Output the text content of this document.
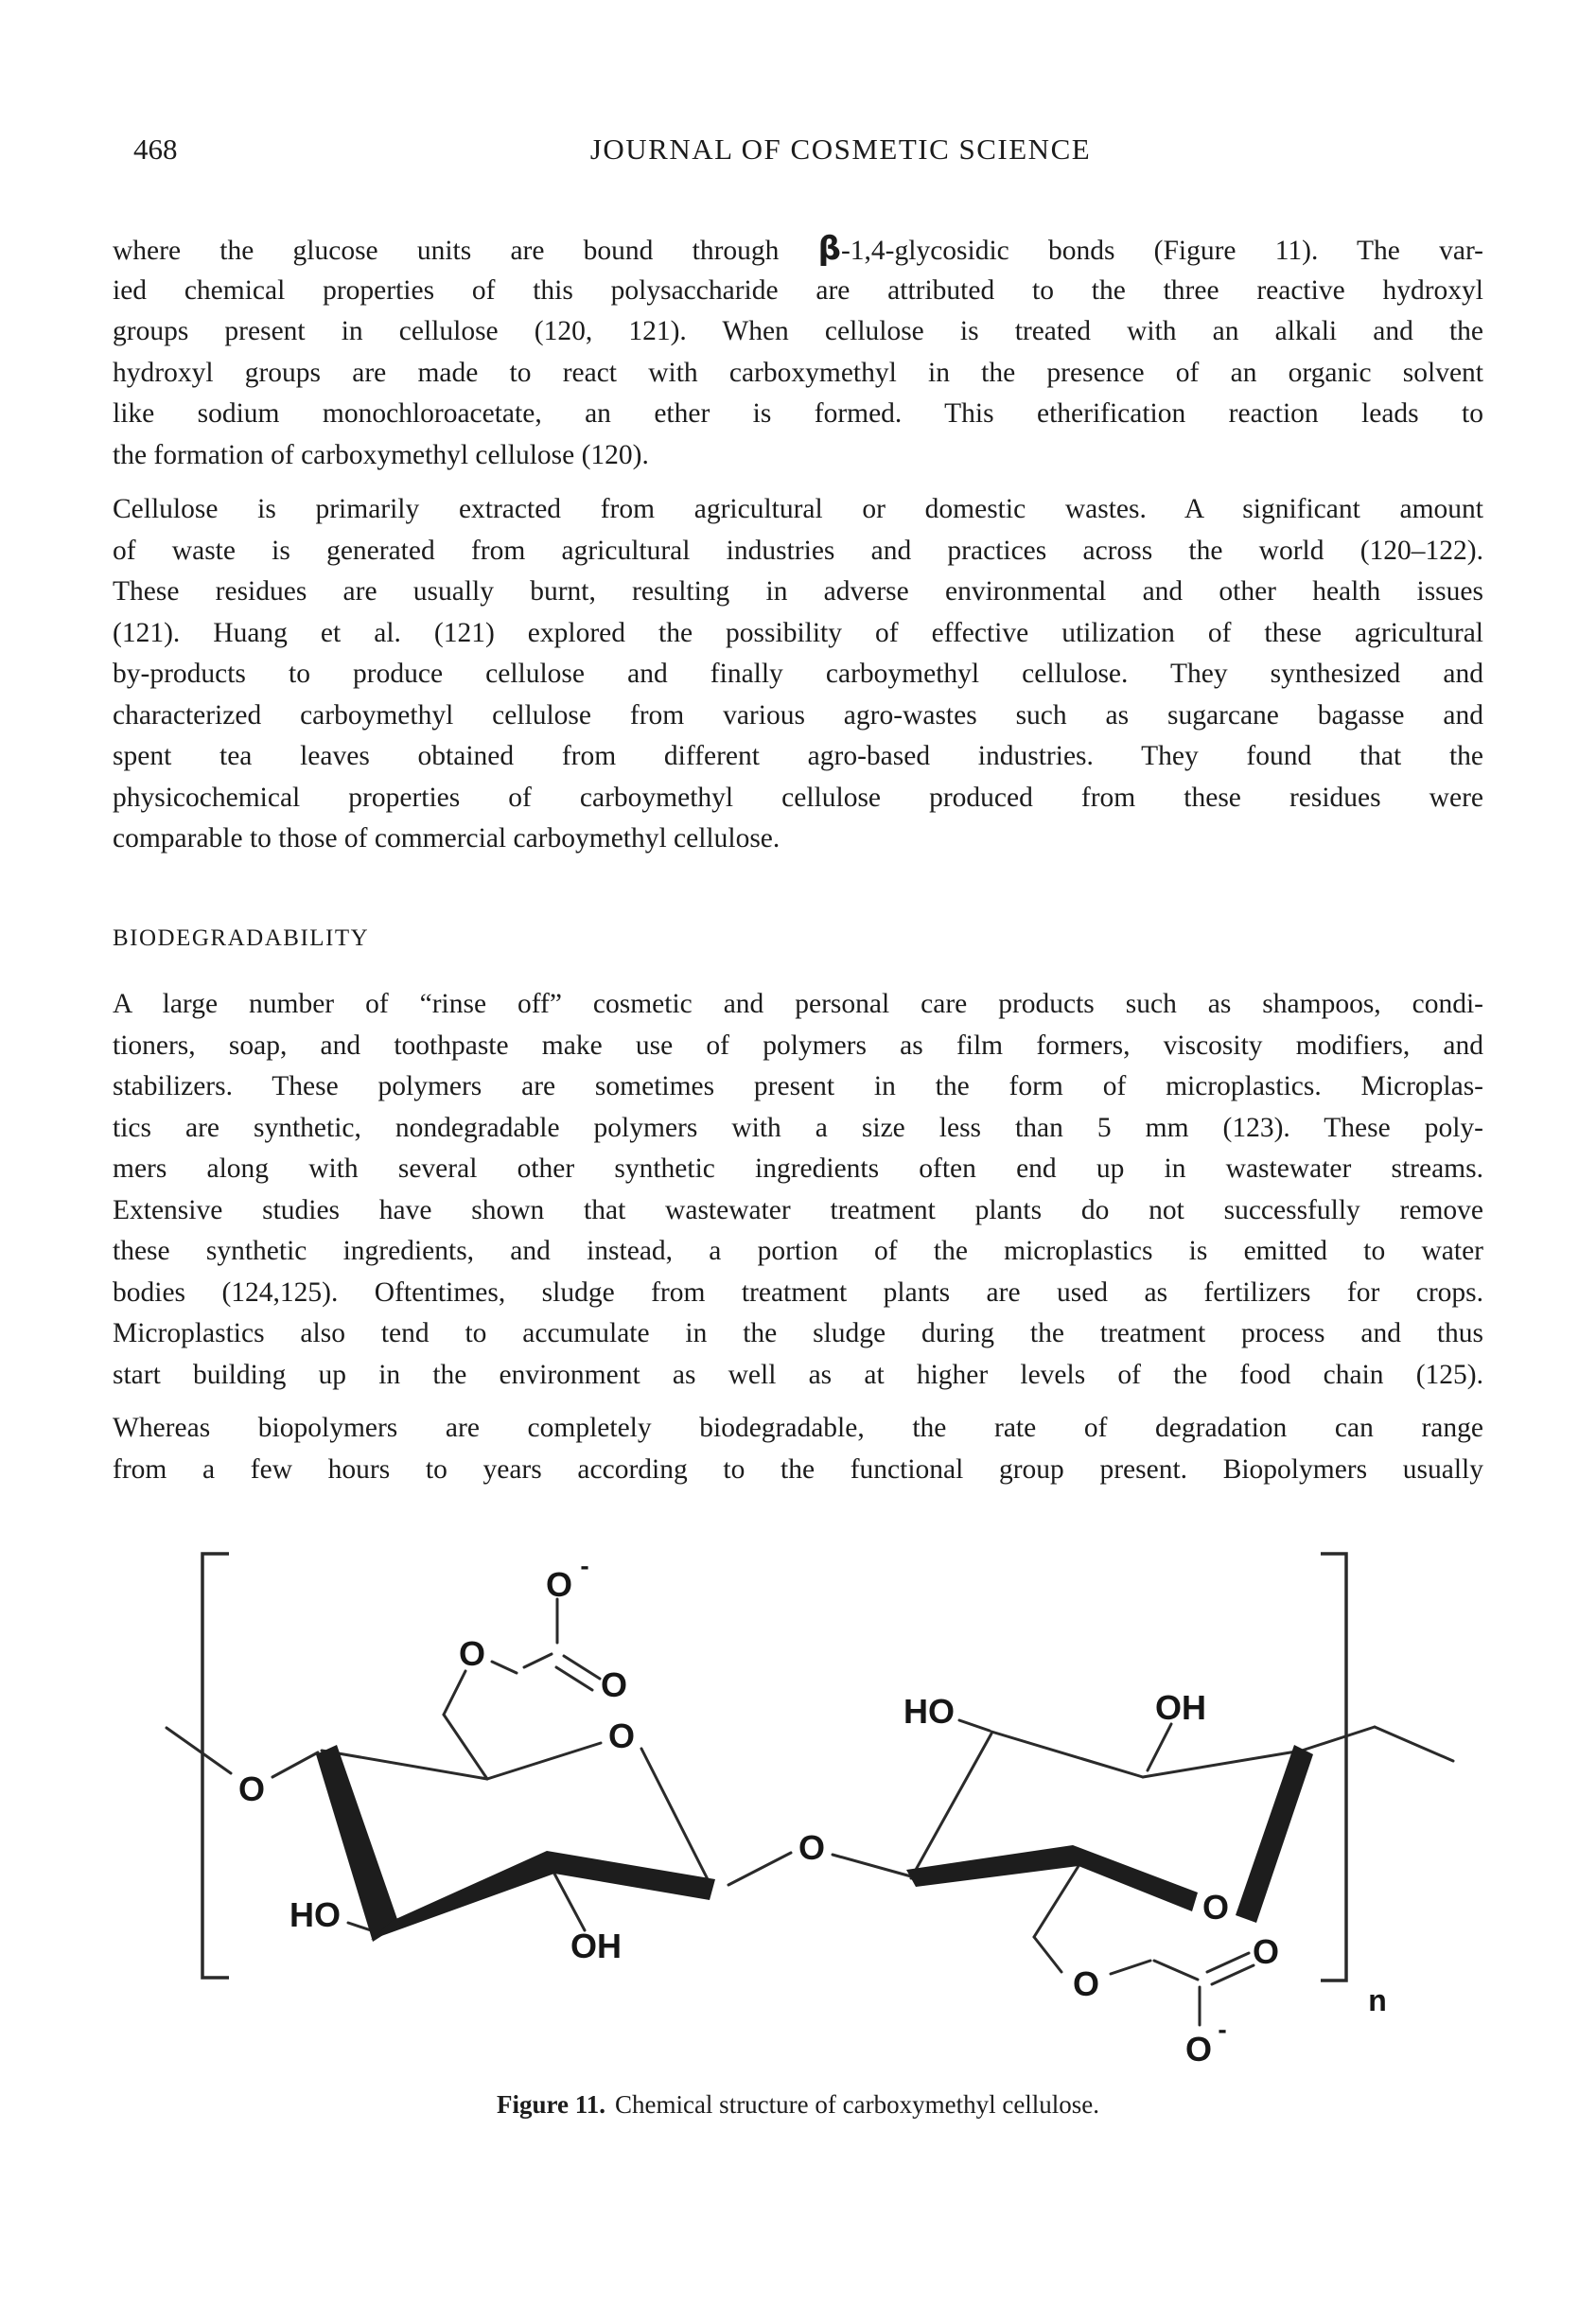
468	JOURNAL OF COSMETIC SCIENCE
where the glucose units are bound through β-1,4-glycosidic bonds (Figure 11). The var-
ied chemical properties of this polysaccharide are attributed to the three reactive hydroxyl
groups present in cellulose (120, 121). When cellulose is treated with an alkali and the
hydroxyl groups are made to react with carboxymethyl in the presence of an organic solvent
like sodium monochloroacetate, an ether is formed. This etherification reaction leads to
the formation of carboxymethyl cellulose (120).
Cellulose is primarily extracted from agricultural or domestic wastes. A significant amount
of waste is generated from agricultural industries and practices across the world (120–122).
These residues are usually burnt, resulting in adverse environmental and other health issues
(121). Huang et al. (121) explored the possibility of effective utilization of these agricultural
by-products to produce cellulose and finally carboymethyl cellulose. They synthesized and
characterized carboymethyl cellulose from various agro-wastes such as sugarcane bagasse and
spent tea leaves obtained from different agro-based industries. They found that the
physicochemical properties of carboymethyl cellulose produced from these residues were
comparable to those of commercial carboymethyl cellulose.
BIODEGRADABILITY
A large number of “rinse off” cosmetic and personal care products such as shampoos, condi-
tioners, soap, and toothpaste make use of polymers as film formers, viscosity modifiers, and
stabilizers. These polymers are sometimes present in the form of microplastics. Microplas-
tics are synthetic, nondegradable polymers with a size less than 5 mm (123). These poly-
mers along with several other synthetic ingredients often end up in wastewater streams.
Extensive studies have shown that wastewater treatment plants do not successfully remove
these synthetic ingredients, and instead, a portion of the microplastics is emitted to water
bodies (124,125). Oftentimes, sludge from treatment plants are used as fertilizers for crops.
Microplastics also tend to accumulate in the sludge during the treatment process and thus
start building up in the environment as well as at higher levels of the food chain (125).
Whereas biopolymers are completely biodegradable, the rate of degradation can range
from a few hours to years according to the functional group present. Biopolymers usually
O
O
HO
OH
O
O
O -
O
HO	OH
O
O
O
O
-
n
Figure 11. Chemical structure of carboxymethyl cellulose.
